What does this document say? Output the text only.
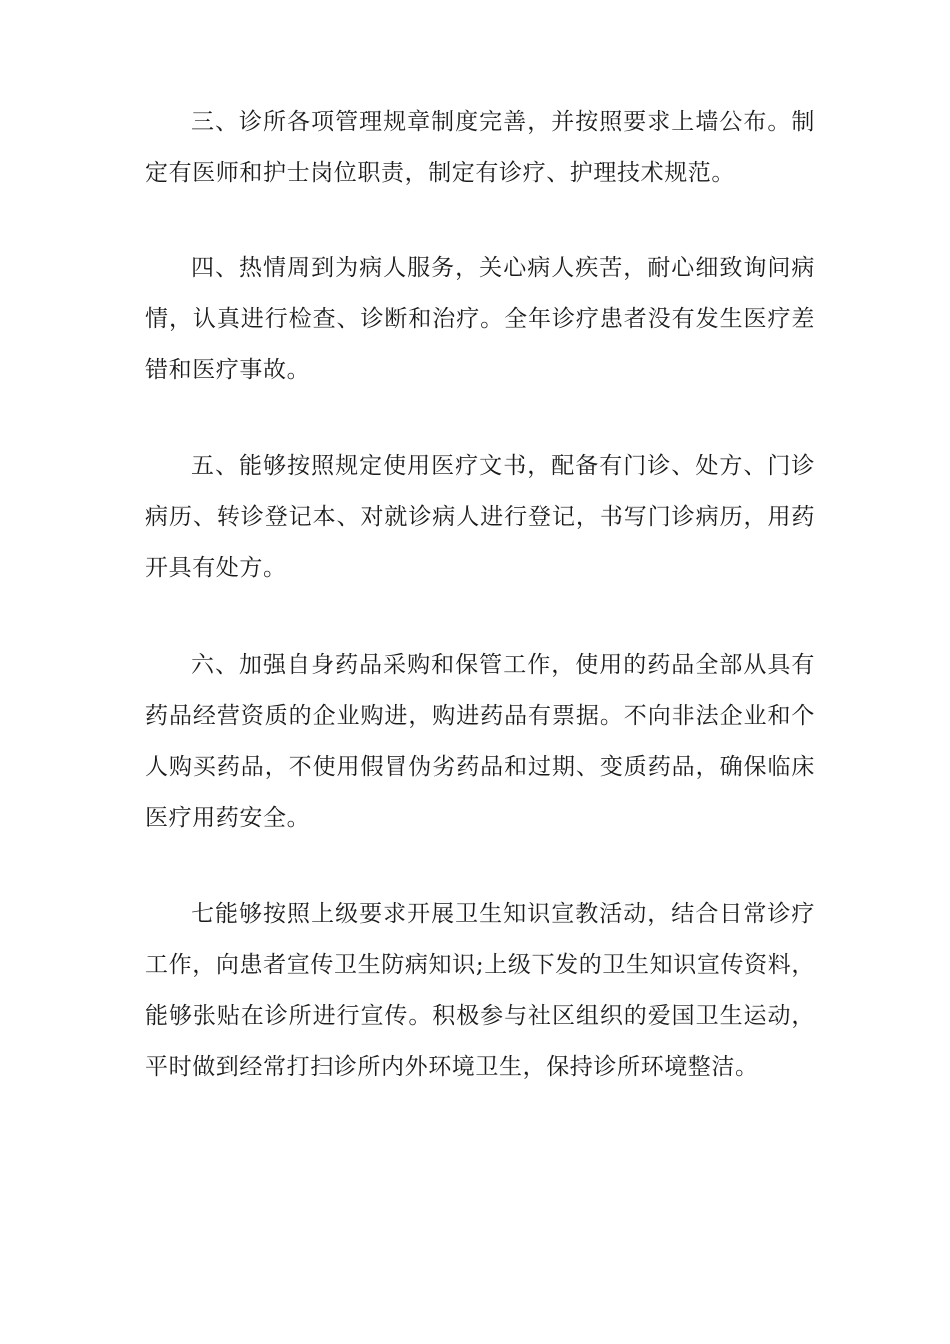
三、诊所各项管理规章制度完善，并按照要求上墙公布。制定有医师和护士岗位职责，制定有诊疗、护理技术规范。

四、热情周到为病人服务，关心病人疾苦，耐心细致询问病情，认真进行检查、诊断和治疗。全年诊疗患者没有发生医疗差错和医疗事故。

五、能够按照规定使用医疗文书，配备有门诊、处方、门诊病历、转诊登记本、对就诊病人进行登记，书写门诊病历，用药开具有处方。

六、加强自身药品采购和保管工作，使用的药品全部从具有药品经营资质的企业购进，购进药品有票据。不向非法企业和个人购买药品，不使用假冒伪劣药品和过期、变质药品，确保临床医疗用药安全。

七能够按照上级要求开展卫生知识宣教活动，结合日常诊疗工作，向患者宣传卫生防病知识;上级下发的卫生知识宣传资料，能够张贴在诊所进行宣传。积极参与社区组织的爱国卫生运动，平时做到经常打扫诊所内外环境卫生，保持诊所环境整洁。
